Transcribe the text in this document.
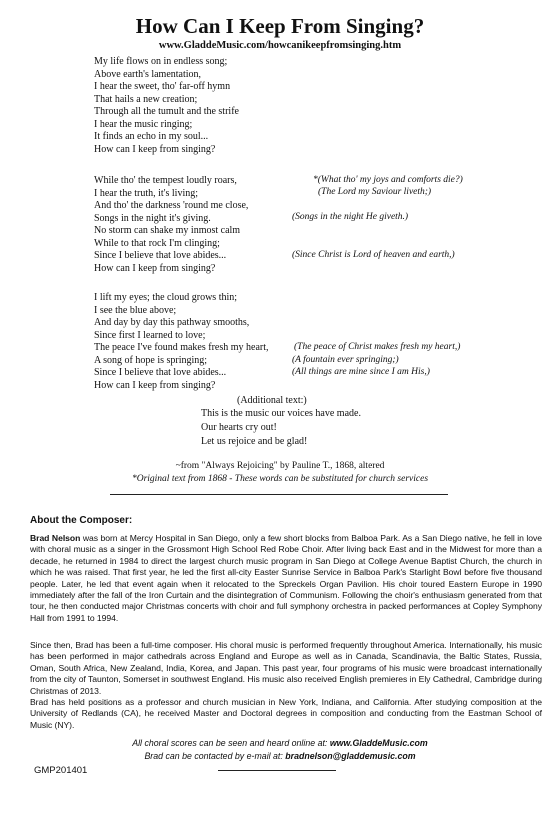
How Can I Keep From Singing?
www.GladdeMusic.com/howcanikeepfromsinging.htm
My life flows on in endless song;
Above earth's lamentation,
I hear the sweet, tho' far-off hymn
That hails a new creation;
Through all the tumult and the strife
I hear the music ringing;
It finds an echo in my soul...
How can I keep from singing?
While tho' the tempest loudly roars,
I hear the truth, it's living;
And tho' the darkness 'round me close,
Songs in the night it's giving.
No storm can shake my inmost calm
While to that rock I'm clinging;
Since I believe that love abides...
How can I keep from singing?
I lift my eyes; the cloud grows thin;
I see the blue above;
And day by day this pathway smooths,
Since first I learned to love;
The peace I've found makes fresh my heart,
A song of hope is springing;
Since I believe that love abides...
How can I keep from singing?
*(What tho' my joys and comforts die?)
(The Lord my Saviour liveth;)
(Songs in the night He giveth.)
(Since Christ is Lord of heaven and earth,)
(The peace of Christ makes fresh my heart,)
(A fountain ever springing;)
(All things are mine since I am His,)
(Additional text:)
This is the music our voices have made.
Our hearts cry out!
Let us rejoice and be glad!
~from "Always Rejoicing" by Pauline T., 1868, altered
*Original text from 1868 - These words can be substituted for church services
About the Composer:
Brad Nelson was born at Mercy Hospital in San Diego, only a few short blocks from Balboa Park. As a San Diego native, he fell in love with choral music as a singer in the Grossmont High School Red Robe Choir. After living back East and in the Midwest for more than a decade, he returned in 1984 to direct the largest church music program in San Diego at College Avenue Baptist Church, the church in which he was raised. That first year, he led the first all-city Easter Sunrise Service in Balboa Park's Starlight Bowl before five thousand people. Later, he led that event again when it relocated to the Spreckels Organ Pavilion. His choir toured Eastern Europe in 1990 immediately after the fall of the Iron Curtain and the disintegration of Communism. Following the choir's enthusiasm generated from that tour, he then conducted major Christmas concerts with choir and full symphony orchestra in packed performances at Copley Symphony Hall from 1991 to 1994.
Since then, Brad has been a full-time composer. His choral music is performed frequently throughout America. Internationally, his music has been performed in major cathedrals across England and Europe as well as in Canada, Scandinavia, the Baltic States, Russia, Oman, South Africa, New Zealand, India, Korea, and Japan. This past year, four programs of his music were broadcast internationally from the city of Taunton, Somerset in southwest England. His music also received English premieres in Ely Cathedral, Cambridge during Christmas of 2013.
Brad has held positions as a professor and church musician in New York, Indiana, and California. After studying composition at the University of Redlands (CA), he received Master and Doctoral degrees in composition and conducting from the Eastman School of Music (NY).
All choral scores can be seen and heard online at: www.GladdeMusic.com
Brad can be contacted by e-mail at: bradnelson@gladdemusic.com
GMP201401
